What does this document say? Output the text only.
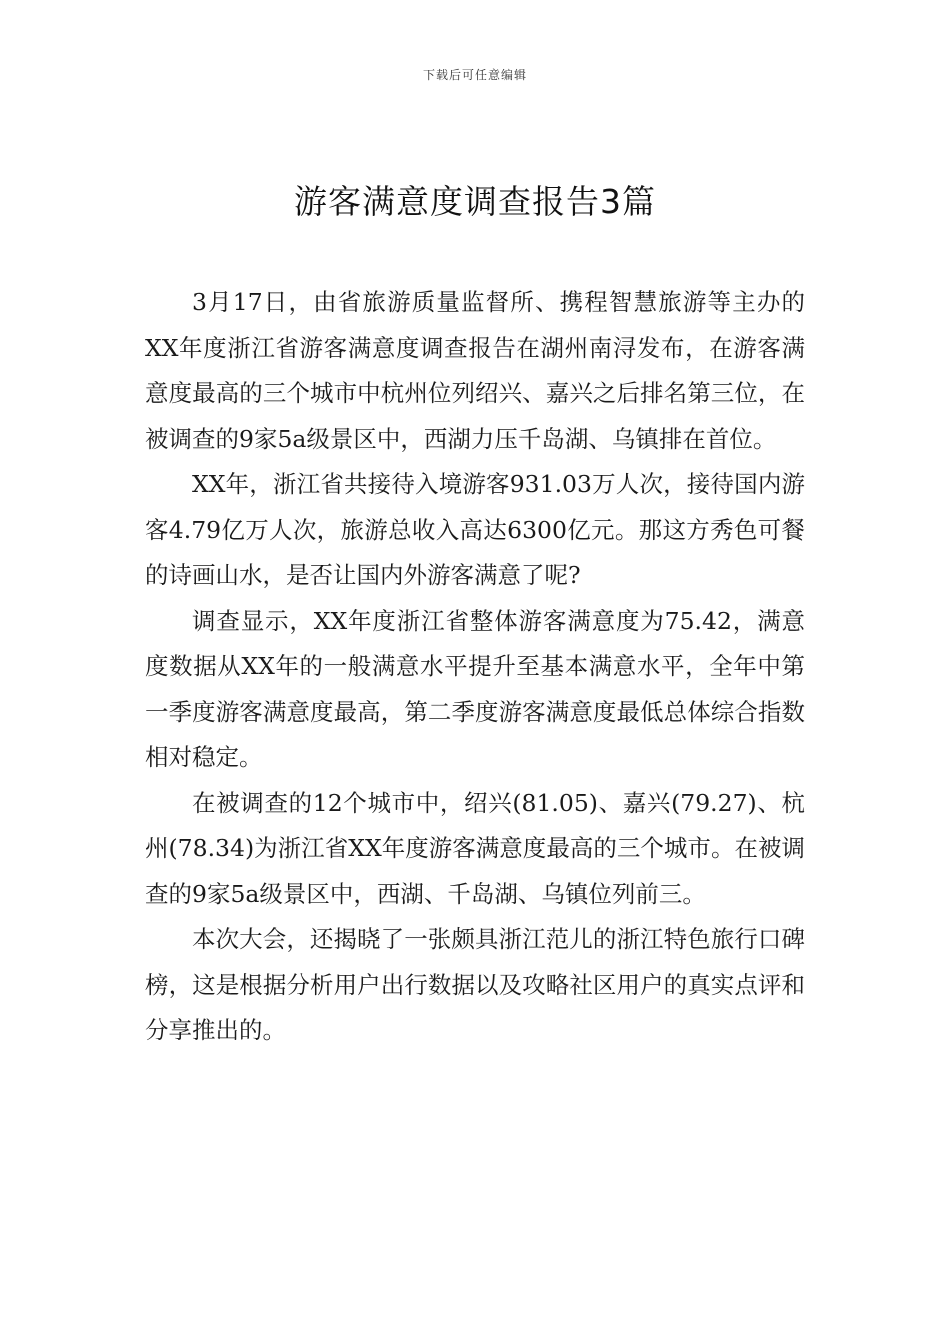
下载后可任意编辑
游客满意度调查报告3篇

3月17日，由省旅游质量监督所、携程智慧旅游等主办的XX年度浙江省游客满意度调查报告在湖州南浔发布，在游客满意度最高的三个城市中杭州位列绍兴、嘉兴之后排名第三位，在被调查的9家5a级景区中，西湖力压千岛湖、乌镇排在首位。

XX年，浙江省共接待入境游客931.03万人次，接待国内游客4.79亿万人次，旅游总收入高达6300亿元。那这方秀色可餐的诗画山水，是否让国内外游客满意了呢?

调查显示，XX年度浙江省整体游客满意度为75.42，满意度数据从XX年的一般满意水平提升至基本满意水平，全年中第一季度游客满意度最高，第二季度游客满意度最低总体综合指数相对稳定。

在被调查的12个城市中，绍兴(81.05)、嘉兴(79.27)、杭州(78.34)为浙江省XX年度游客满意度最高的三个城市。在被调查的9家5a级景区中，西湖、千岛湖、乌镇位列前三。

本次大会，还揭晓了一张颇具浙江范儿的浙江特色旅行口碑榜，这是根据分析用户出行数据以及攻略社区用户的真实点评和分享推出的。
